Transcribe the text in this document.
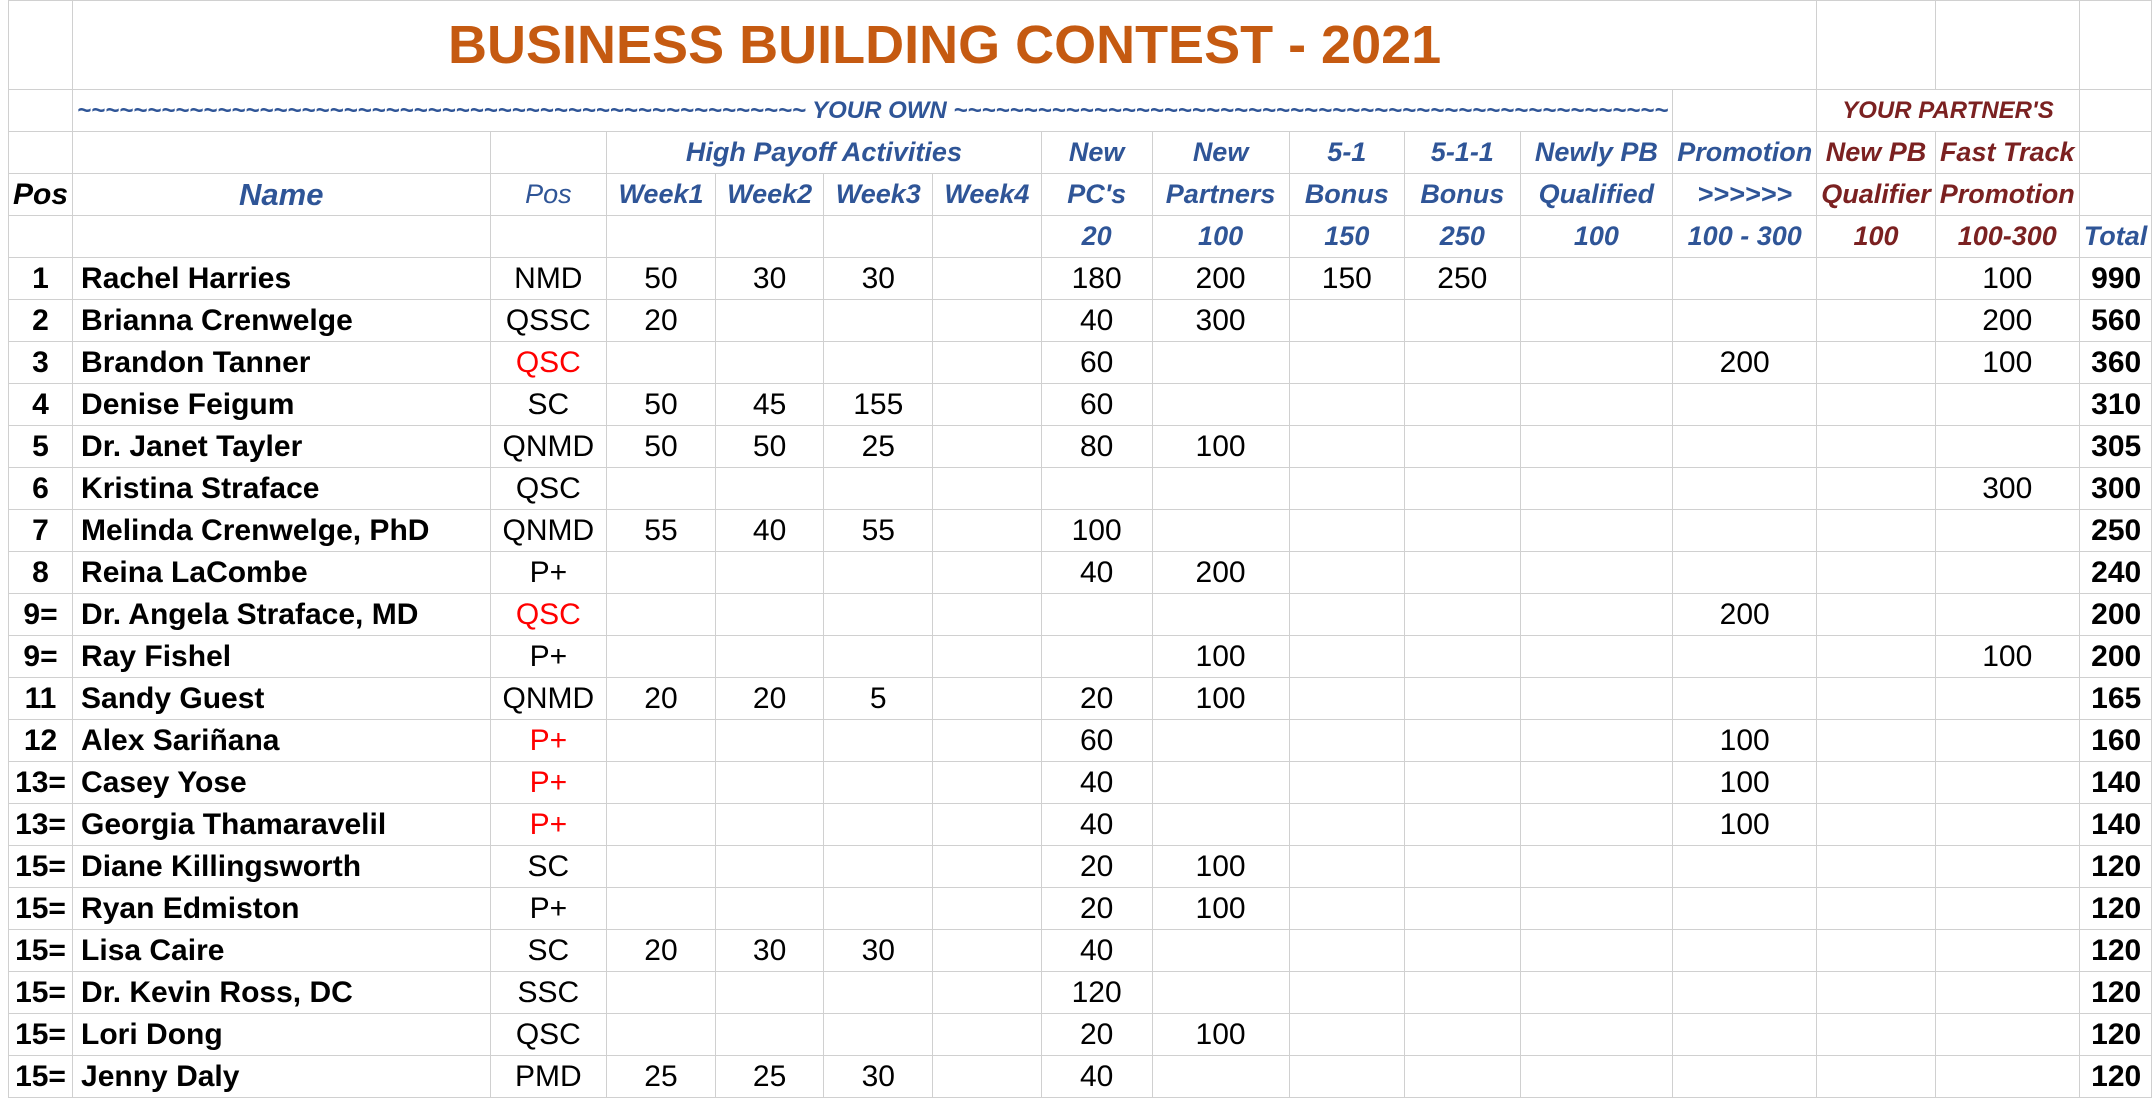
	BUSINESS BUILDING CONTEST - 2021														
	~~~~~~~~~~~~~~~~~~~~~~~~~~~~~~~~~~~~~~~~~~~~~~~~~~~~ YOUR OWN ~~~~~~~~~~~~~~~~~~~~~~~~~~~~~~~~~~~~~~~~~~~~~~~~~~~												YOUR PARTNER'S		
			High Payoff Activities				New	New	5-1	5-1-1	Newly PB	Promotion	New PB	Fast Track	
Pos	Name	Pos	Week1	Week2	Week3	Week4	PC's	Partners	Bonus	Bonus	Qualified	>>>>>>	Qualifier	Promotion	
							20	100	150	250	100	100 - 300	100	100-300	Total
1	Rachel Harries	NMD	50	30	30		180	200	150	250				100	990
2	Brianna Crenwelge	QSSC	20				40	300						200	560
3	Brandon Tanner	QSC					60					200		100	360
4	Denise Feigum	SC	50	45	155		60								310
5	Dr. Janet Tayler	QNMD	50	50	25		80	100							305
6	Kristina Straface	QSC												300	300
7	Melinda Crenwelge, PhD	QNMD	55	40	55		100								250
8	Reina LaCombe	P+					40	200							240
9=	Dr. Angela Straface, MD	QSC										200			200
9=	Ray Fishel	P+						100						100	200
11	Sandy Guest	QNMD	20	20	5		20	100							165
12	Alex Sariñana	P+					60					100			160
13=	Casey Yose	P+					40					100			140
13=	Georgia Thamaravelil	P+					40					100			140
15=	Diane Killingsworth	SC					20	100							120
15=	Ryan Edmiston	P+					20	100							120
15=	Lisa Caire	SC	20	30	30		40								120
15=	Dr. Kevin Ross, DC	SSC					120								120
15=	Lori Dong	QSC					20	100							120
15=	Jenny Daly	PMD	25	25	30		40								120
